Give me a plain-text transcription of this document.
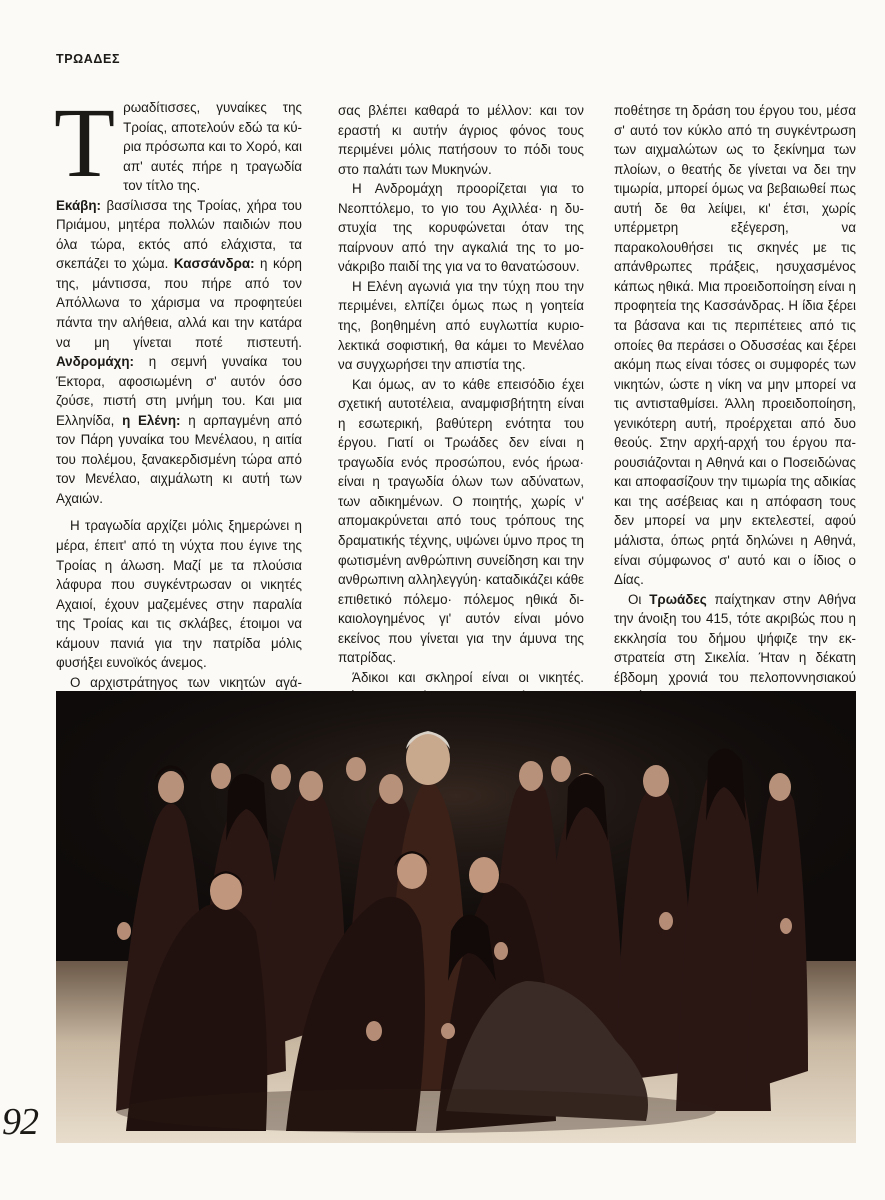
ΤΡΩΑΔΕΣ
Τ ρωαδίτισσες, γυναίκες της Τροίας, αποτελούν εδώ τα κύρια πρόσωπα και το Χορό, και απ' αυτές πήρε η τραγωδία τον τίτλο της.

Εκάβη: βασίλισσα της Τροίας, χήρα του Πριάμου, μητέρα πολλών παιδιών που όλα τώρα, εκτός από ελάχιστα, τα σκεπάζει το χώμα. Κασσάνδρα: η κόρη της, μάντισσα, που πήρε από τον Απόλλωνα το χάρισμα να προφητεύει πάντα την αλήθεια, αλλά και την κατάρα να μη γίνεται ποτέ πιστευτή. Ανδρομάχη: η σεμνή γυναίκα του Έκτορα, αφοσιωμένη σ' αυτόν όσο ζούσε, πιστή στη μνήμη του. Και μια Ελληνίδα, η Ελένη: η αρπαγμένη από τον Πάρη γυναίκα του Μενέλαου, η αιτία του πολέμου, ξανακερδισμένη τώρα από τον Μενέλαο, αιχμάλωτη κι αυτή των Αχαιών.

Η τραγωδία αρχίζει μόλις ξημερώνει η μέρα, έπειτ' από τη νύχτα που έγινε της Τροίας η άλωση. Μαζί με τα πλούσια λάφυρα που συγκέντρωσαν οι νικητές Αχαιοί, έχουν μαζεμένες στην παραλία της Τροίας και τις σκλάβες, έτοιμοι να κάμουν πανιά για την πατρίδα μόλις φυσήξει ευνοϊκός άνεμος.

Ο αρχιστράτηγος των νικητών αγά

σας βλέπει καθαρά το μέλλον: και τον εραστή κι αυτήν άγριος φόνος τους περιμένει μόλις πατήσουν το πόδι τους στο παλάτι των Μυκηνών.

Η Ανδρομάχη προορίζεται για το Νεοπτόλεμο, το γιο του Αχιλλέα· η δυστυχία της κορυφώνεται όταν της παίρνουν από την αγκαλιά της το μονάκριβο παιδί της για να το θανατώσουν.

Η Ελένη αγωνιά για την τύχη που την περιμένει, ελπίζει όμως πως η γοητεία της, βοηθημένη από ευγλωττία κυριολεκτικά σοφιστική, θα κάμει το Μενέλαο να συγχωρήσει την απιστία της.

Και όμως, αν το κάθε επεισόδιο έχει σχετική αυτοτέλεια, αναμφισβήτητη είναι η εσωτερική, βαθύτερη ενότητα του έργου. Γιατί οι Τρωάδες δεν είναι η τραγωδία ενός προσώπου, ενός ήρωα· είναι η τραγωδία όλων των αδύνατων, των αδικημένων. Ο ποιητής, χωρίς ν' απομακρύνεται από τους τρόπους της δραματικής τέχνης, υψώνει ύμνο προς τη φωτισμένη ανθρώπινη συνείδηση και την ανθρωπινη αλληλεγγύη· καταδικάζει κάθε επιθετικό πόλεμο· πόλεμος ηθικά δικαιολογημένος γι' αυτόν είναι μόνο εκείνος που γίνεται για την άμυνα της πατρίδας.

Άδικοι και σκληροί είναι οι νικητές.

ποθέτησε τη δράση του έργου του, μέσα σ' αυτό τον κύκλο από τη συγκέντρωση των αιχμαλώτων ως το ξεκίνημα των πλοίων, ο θεατής δε γίνεται να δει την τιμωρία, μπορεί όμως να βεβαιωθεί πως αυτή δε θα λείψει, κι' έτσι, χωρίς υπέρμετρη εξέγερση, να παρακολουθήσει τις σκηνές με τις απάνθρωπες πράξεις, ησυχασμένος κάπως ηθικά. Μια προειδοποίηση είναι η προφητεία της Κασσάνδρας. Η ίδια ξέρει τα βάσανα και τις περιπέτειες από τις οποίες θα περάσει ο Οδυσσέας και ξέρει ακόμη πως είναι τόσες οι συμφορές των νικητών, ώστε η νίκη να μην μπορεί να τις αντισταθμίσει. Άλλη προειδοποίηση, γενικότερη αυτή, προέρχεται από δυο θεούς. Στην αρχή-αρχή του έργου παρουσιάζονται η Αθηνά και ο Ποσειδώνας και αποφασίζουν την τιμωρία της αδικίας και της ασέβειας και η απόφαση τους δεν μπορεί να μην εκτελεστεί, αφού μάλιστα, όπως ρητά δηλώνει η Αθηνά, είναι σύμφωνος σ' αυτό και ο ίδιος ο Δίας.

Οι Τρωάδες παίχτηκαν στην Αθήνα την άνοιξη του 415, τότε ακριβώς που η εκκλησία του δήμου ψήφιζε την εκστρατεία στη Σικελία. Ήταν η δέκατη έβδομη χρονιά του πελοποννησιακού

92
